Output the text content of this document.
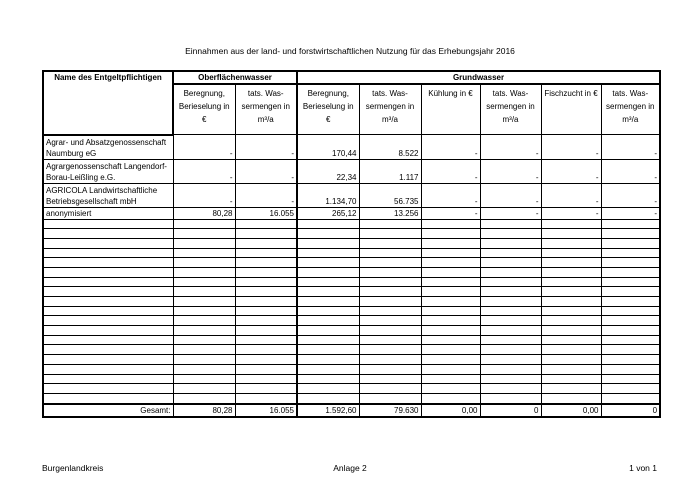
Einnahmen aus der land- und forstwirtschaftlichen Nutzung für das Erhebungsjahr 2016
Name des Entgeltpflichtigen	Oberflächenwasser		Grundwasser					
	Beregnung, Berieselung in €	tats. Was-sermengen in m³/a	Beregnung, Berieselung in €	tats. Was-sermengen in m³/a	Kühlung in €	tats. Was-sermengen in m³/a	Fischzucht in €	tats. Was-sermengen in m³/a
Agrar- und Absatzgenossenschaft Naumburg eG	-	-	170,44	8.522	-	-	-	-
Agrargenossenschaft Langendorf-Borau-Leißling e.G.	-	-	22,34	1.117	-	-	-	-
AGRICOLA Landwirtschaftliche Betriebsgesellschaft mbH	-	-	1.134,70	56.735	-	-	-	-
anonymisiert	80,28	16.055	265,12	13.256	-	-	-	-

Gesamt:	80,28	16.055	1.592,60	79.630	0,00	0	0,00	0
Burgenlandkreis	Anlage 2	1 von 1
